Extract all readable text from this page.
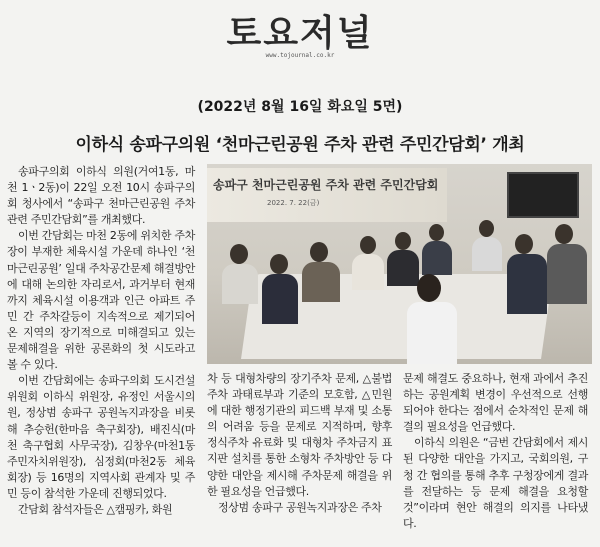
토요저널
www.tojournal.co.kr
(2022년 8월 16일 화요일 5면)
이하식 송파구의원 ‘천마근린공원 주차 관련 주민간담회’ 개최

송파구의회 이하식 의원(거여1동, 마천 1ㆍ2동)이 22일 오전 10시 송파구의회 청사에서 “송파구 천마근린공원 주차 관련 주민간담회”를 개최했다.

이번 간담회는 마천 2동에 위치한 주차장이 부재한 체육시설 가운데 하나인 ‘천마근린공원’ 일대 주차공간문제 해결방안에 대해 논의한 자리로서, 과거부터 현재까지 체육시설 이용객과 인근 아파트 주민 간 주차갈등이 지속적으로 제기되어 온 지역의 장기적으로 미해결되고 있는 문제해결을 위한 공론화의 첫 시도라고 볼 수 있다.

이번 간담회에는 송파구의회 도시건설위원회 이하식 위원장, 유정인 서울시의원, 정상범 송파구 공원녹지과장을 비롯해 추승헌(한마음 축구회장), 배진식(마천 축구협회 사무국장), 김창우(마천1동 주민자치위원장), 심정회(마천2동 체육회장) 등 16명의 지역사회 관계자 및 주민 등이 참석한 가운데 진행되었다.

간담회 참석자들은 △캠핑카, 화원

송파구 천마근린공원 주차 관련 주민간담회
2022. 7. 22(금)

차 등 대형차량의 장기주차 문제, △불법주차 과태료부과 기준의 모호함, △민원에 대한 행정기관의 피드백 부재 및 소통의 어려움 등을 문제로 지적하며, 향후 정식주차 유료화 및 대형차 주차금지 표지판 설치를 통한 소형차 주차방안 등 다양한 대안을 제시해 주차문제 해결을 위한 필요성을 언급했다.

정상범 송파구 공원녹지과장은 주차

문제 해결도 중요하나, 현재 과에서 추진하는 공원계획 변경이 우선적으로 선행되어야 한다는 점에서 순차적인 문제 해결의 필요성을 언급했다.

이하식 의원은 “금번 간담회에서 제시된 다양한 대안을 가지고, 국회의원, 구청 간 협의를 통해 추후 구청장에게 결과를 전달하는 등 문제 해결을 요청할 것”이라며 현안 해결의 의지를 나타냈다.
